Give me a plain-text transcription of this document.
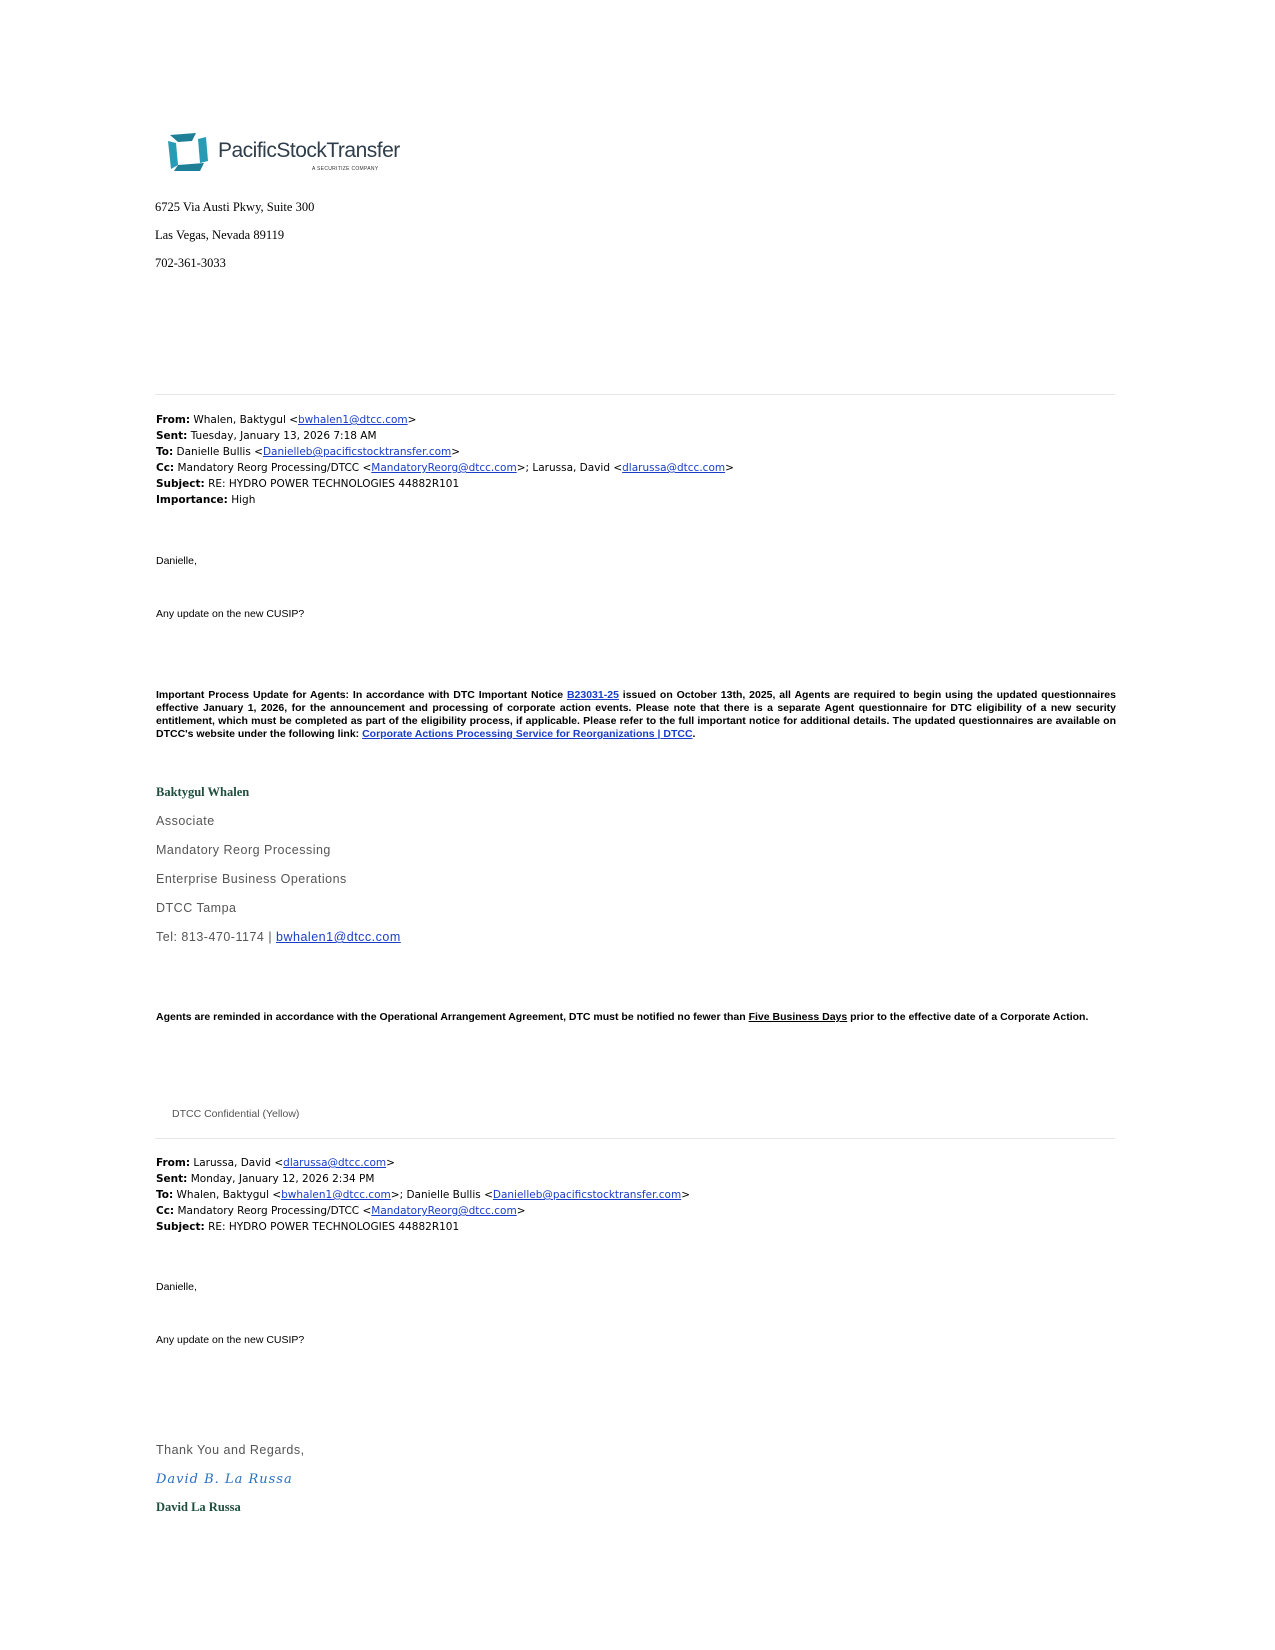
PacificStockTransfer
A SECURITIZE COMPANY
6725 Via Austi Pkwy, Suite 300
Las Vegas, Nevada 89119
702-361-3033
From: Whalen, Baktygul <bwhalen1@dtcc.com>
Sent: Tuesday, January 13, 2026 7:18 AM
To: Danielle Bullis <Danielleb@pacificstocktransfer.com>
Cc: Mandatory Reorg Processing/DTCC <MandatoryReorg@dtcc.com>; Larussa, David <dlarussa@dtcc.com>
Subject: RE: HYDRO POWER TECHNOLOGIES 44882R101
Importance: High
Danielle,
Any update on the new CUSIP?
Important Process Update for Agents: In accordance with DTC Important Notice B23031-25 issued on October 13th, 2025, all Agents are required to begin using the updated questionnaires effective January 1, 2026, for the announcement and processing of corporate action events. Please note that there is a separate Agent questionnaire for DTC eligibility of a new security entitlement, which must be completed as part of the eligibility process, if applicable. Please refer to the full important notice for additional details. The updated questionnaires are available on DTCC's website under the following link: Corporate Actions Processing Service for Reorganizations | DTCC.
Baktygul Whalen
Associate
Mandatory Reorg Processing
Enterprise Business Operations
DTCC Tampa
Tel: 813-470-1174 | bwhalen1@dtcc.com
Agents are reminded in accordance with the Operational Arrangement Agreement, DTC must be notified no fewer than Five Business Days prior to the effective date of a Corporate Action.
DTCC Confidential (Yellow)
From: Larussa, David <dlarussa@dtcc.com>
Sent: Monday, January 12, 2026 2:34 PM
To: Whalen, Baktygul <bwhalen1@dtcc.com>; Danielle Bullis <Danielleb@pacificstocktransfer.com>
Cc: Mandatory Reorg Processing/DTCC <MandatoryReorg@dtcc.com>
Subject: RE: HYDRO POWER TECHNOLOGIES 44882R101
Danielle,
Any update on the new CUSIP?
Thank You and Regards,
David B. La Russa
David La Russa
